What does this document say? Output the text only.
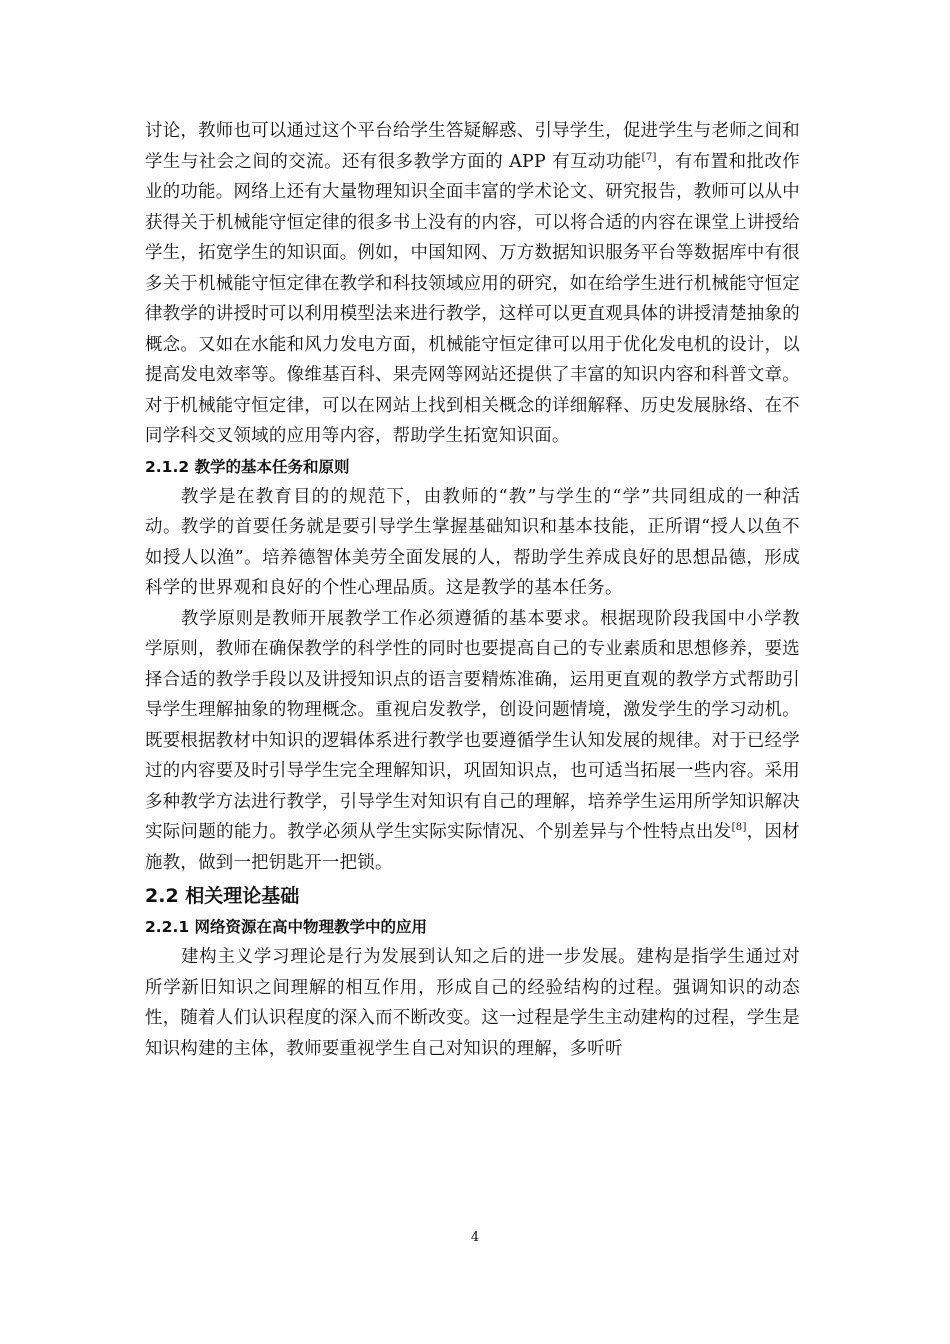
讨论，教师也可以通过这个平台给学生答疑解惑、引导学生，促进学生与老师之间和学生与社会之间的交流。还有很多教学方面的 APP 有互动功能[7]，有布置和批改作业的功能。网络上还有大量物理知识全面丰富的学术论文、研究报告，教师可以从中获得关于机械能守恒定律的很多书上没有的内容，可以将合适的内容在课堂上讲授给学生，拓宽学生的知识面。例如，中国知网、万方数据知识服务平台等数据库中有很多关于机械能守恒定律在教学和科技领域应用的研究，如在给学生进行机械能守恒定律教学的讲授时可以利用模型法来进行教学，这样可以更直观具体的讲授清楚抽象的概念。又如在水能和风力发电方面，机械能守恒定律可以用于优化发电机的设计，以提高发电效率等。像维基百科、果壳网等网站还提供了丰富的知识内容和科普文章。对于机械能守恒定律，可以在网站上找到相关概念的详细解释、历史发展脉络、在不同学科交叉领域的应用等内容，帮助学生拓宽知识面。

2.1.2 教学的基本任务和原则

教学是在教育目的的规范下，由教师的“教”与学生的“学”共同组成的一种活动。教学的首要任务就是要引导学生掌握基础知识和基本技能，正所谓“授人以鱼不如授人以渔”。培养德智体美劳全面发展的人，帮助学生养成良好的思想品德，形成科学的世界观和良好的个性心理品质。这是教学的基本任务。

教学原则是教师开展教学工作必须遵循的基本要求。根据现阶段我国中小学教学原则，教师在确保教学的科学性的同时也要提高自己的专业素质和思想修养，要选择合适的教学手段以及讲授知识点的语言要精炼准确，运用更直观的教学方式帮助引导学生理解抽象的物理概念。重视启发教学，创设问题情境，激发学生的学习动机。既要根据教材中知识的逻辑体系进行教学也要遵循学生认知发展的规律。对于已经学过的内容要及时引导学生完全理解知识，巩固知识点，也可适当拓展一些内容。采用多种教学方法进行教学，引导学生对知识有自己的理解，培养学生运用所学知识解决实际问题的能力。教学必须从学生实际实际情况、个别差异与个性特点出发[8]，因材施教，做到一把钥匙开一把锁。

2.2 相关理论基础
2.2.1 网络资源在高中物理教学中的应用

建构主义学习理论是行为发展到认知之后的进一步发展。建构是指学生通过对所学新旧知识之间理解的相互作用，形成自己的经验结构的过程。强调知识的动态性，随着人们认识程度的深入而不断改变。这一过程是学生主动建构的过程，学生是知识构建的主体，教师要重视学生自己对知识的理解，多听听

4
